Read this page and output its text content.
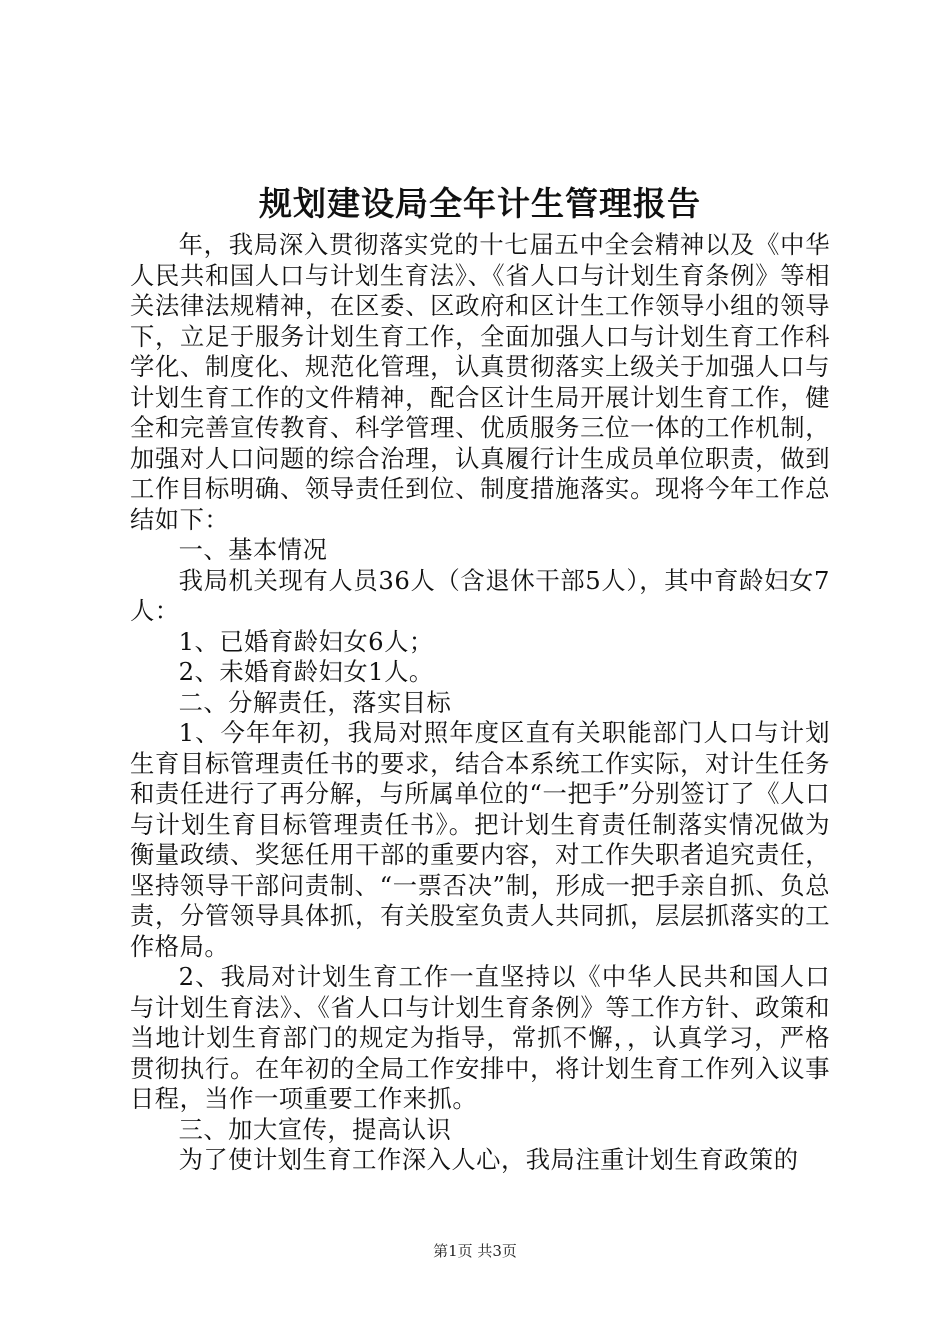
规划建设局全年计生管理报告

年，我局深入贯彻落实党的十七届五中全会精神以及《中华人民共和国人口与计划生育法》、《省人口与计划生育条例》等相关法律法规精神，在区委、区政府和区计生工作领导小组的领导下，立足于服务计划生育工作，全面加强人口与计划生育工作科学化、制度化、规范化管理，认真贯彻落实上级关于加强人口与计划生育工作的文件精神，配合区计生局开展计划生育工作，健全和完善宣传教育、科学管理、优质服务三位一体的工作机制，加强对人口问题的综合治理，认真履行计生成员单位职责，做到工作目标明确、领导责任到位、制度措施落实。现将今年工作总结如下：

一、基本情况

我局机关现有人员36人（含退休干部5人），其中育龄妇女7人：

1、已婚育龄妇女6人；

2、未婚育龄妇女1人。

二、分解责任，落实目标

1、今年年初，我局对照年度区直有关职能部门人口与计划生育目标管理责任书的要求，结合本系统工作实际，对计生任务和责任进行了再分解，与所属单位的“一把手”分别签订了《人口与计划生育目标管理责任书》。把计划生育责任制落实情况做为衡量政绩、奖惩任用干部的重要内容，对工作失职者追究责任，坚持领导干部问责制、“一票否决”制，形成一把手亲自抓、负总责，分管领导具体抓，有关股室负责人共同抓，层层抓落实的工作格局。

2、我局对计划生育工作一直坚持以《中华人民共和国人口与计划生育法》、《省人口与计划生育条例》等工作方针、政策和当地计划生育部门的规定为指导，常抓不懈，，认真学习，严格贯彻执行。在年初的全局工作安排中，将计划生育工作列入议事日程，当作一项重要工作来抓。

三、加大宣传，提高认识

为了使计划生育工作深入人心，我局注重计划生育政策的

第1页 共3页
